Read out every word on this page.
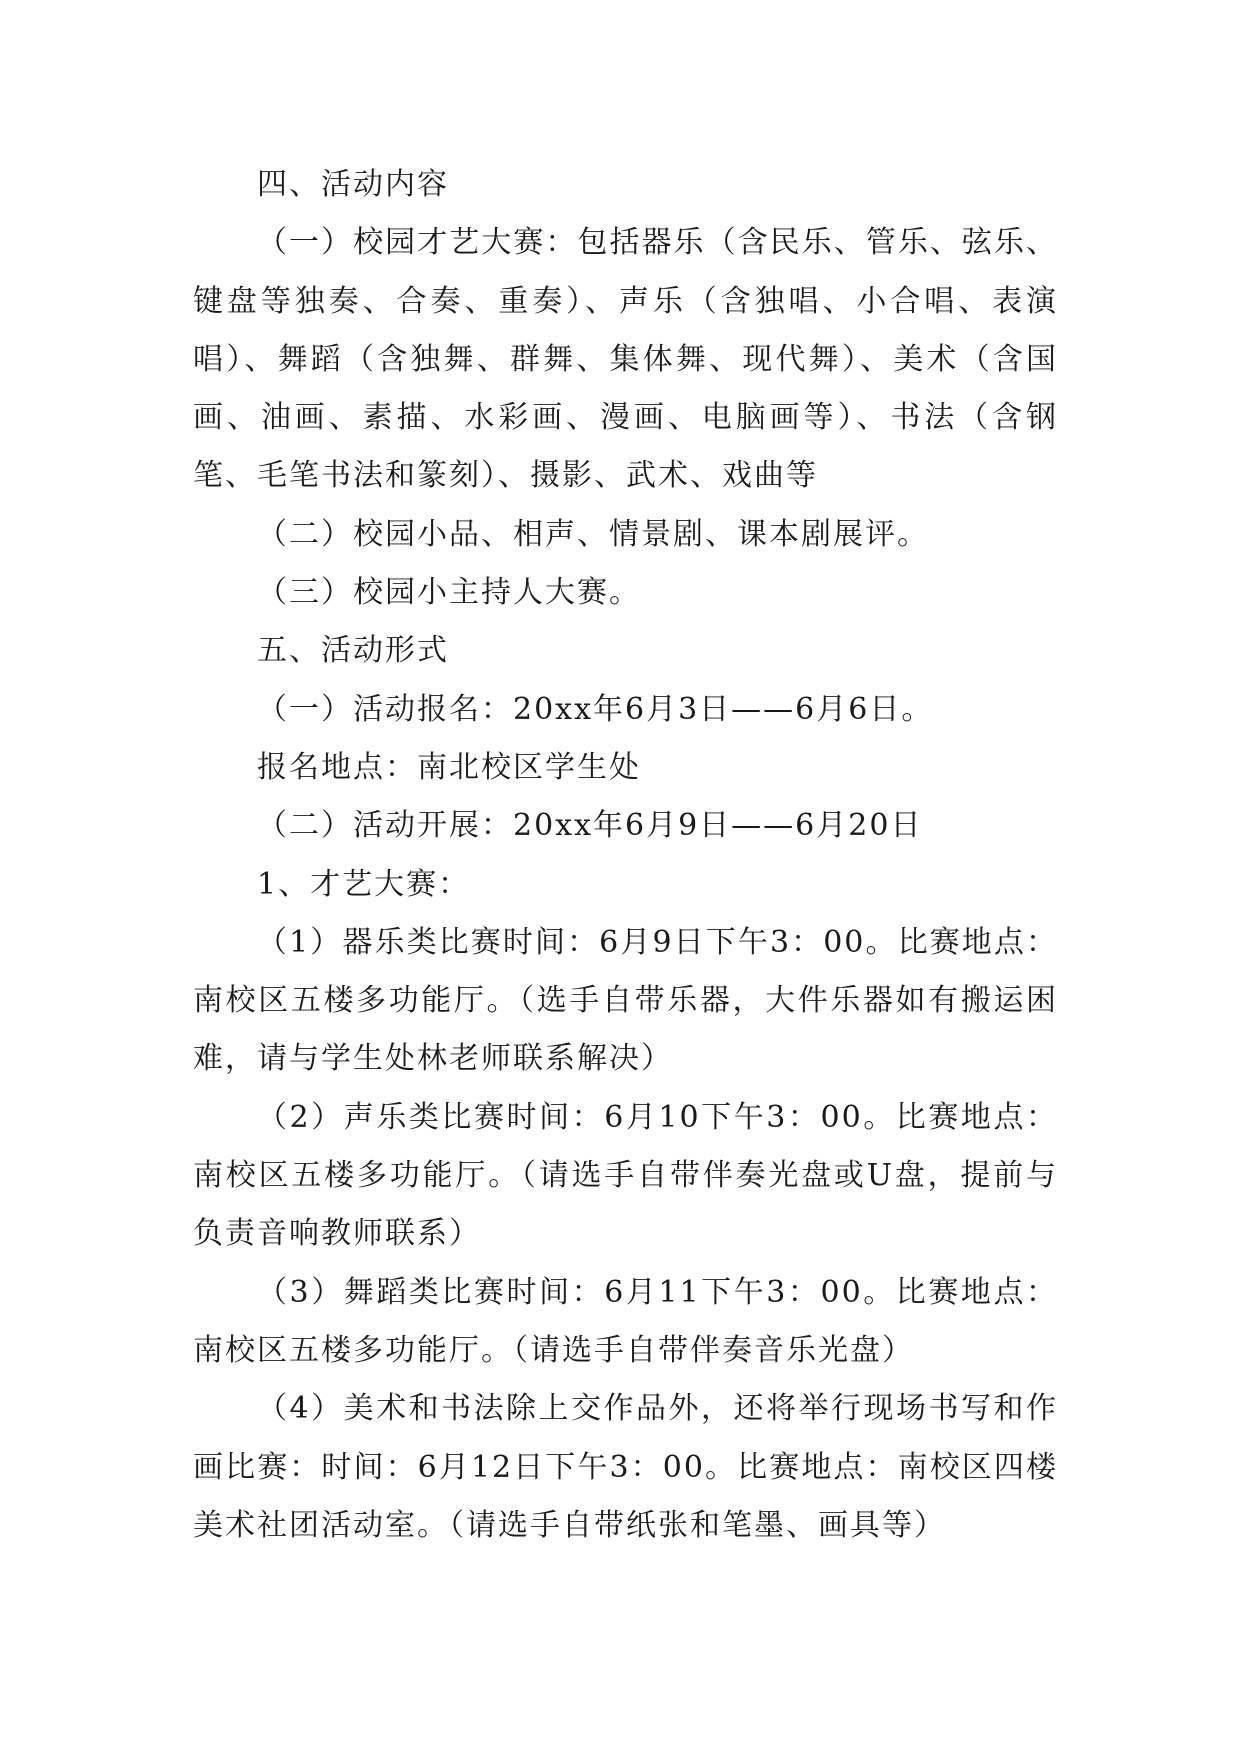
四、活动内容

（一）校园才艺大赛：包括器乐（含民乐、管乐、弦乐、键盘等独奏、合奏、重奏）、声乐（含独唱、小合唱、表演唱）、舞蹈（含独舞、群舞、集体舞、现代舞）、美术（含国画、油画、素描、水彩画、漫画、电脑画等）、书法（含钢笔、毛笔书法和篆刻）、摄影、武术、戏曲等

（二）校园小品、相声、情景剧、课本剧展评。

（三）校园小主持人大赛。

五、活动形式

（一）活动报名：20xx年6月3日——6月6日。

报名地点：南北校区学生处

（二）活动开展：20xx年6月9日——6月20日

1、才艺大赛：

（1）器乐类比赛时间：6月9日下午3：00。比赛地点：南校区五楼多功能厅。（选手自带乐器，大件乐器如有搬运困难，请与学生处林老师联系解决）

（2）声乐类比赛时间：6月10下午3：00。比赛地点：南校区五楼多功能厅。（请选手自带伴奏光盘或U盘，提前与负责音响教师联系）

（3）舞蹈类比赛时间：6月11下午3：00。比赛地点：南校区五楼多功能厅。（请选手自带伴奏音乐光盘）

（4）美术和书法除上交作品外，还将举行现场书写和作画比赛：时间：6月12日下午3：00。比赛地点：南校区四楼美术社团活动室。（请选手自带纸张和笔墨、画具等）
